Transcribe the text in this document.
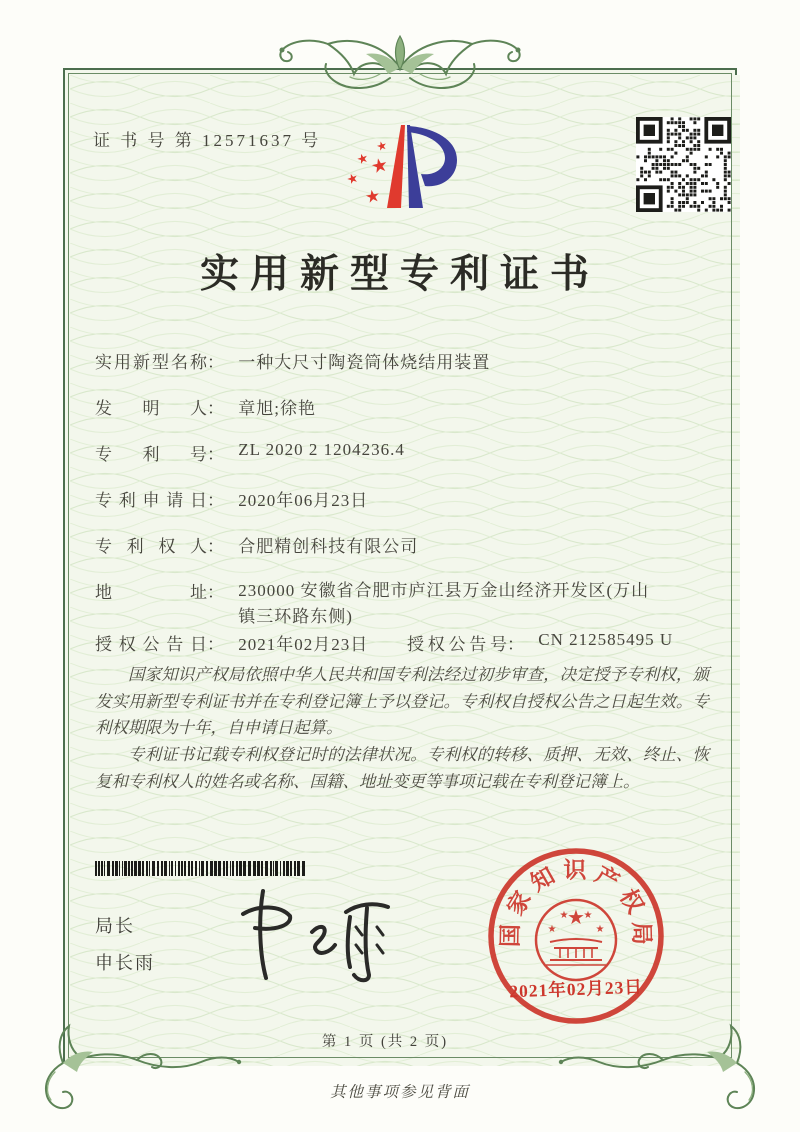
证 书 号 第 12571637 号	★
★
★
★
★
实用新型专利证书
实用新型名称： 一种大尺寸陶瓷筒体烧结用装置
发明人： 章旭;徐艳
专利号： ZL 2020 2 1204236.4
专利申请日： 2020年06月23日
专利权人： 合肥精创科技有限公司
地址： 230000 安徽省合肥市庐江县万金山经济开发区(万山镇三环路东侧)
授权公告日： 2021年02月23日 授权公告号： CN 212585495 U

国家知识产权局依照中华人民共和国专利法经过初步审查，决定授予专利权，颁发实用新型专利证书并在专利登记簿上予以登记。专利权自授权公告之日起生效。专利权期限为十年，自申请日起算。

专利证书记载专利权登记时的法律状况。专利权的转移、质押、无效、终止、恢复和专利权人的姓名或名称、国籍、地址变更等事项记载在专利登记簿上。

局长
申长雨
国家知识产权局
★
★
★ ★
★
2021年02月23日
第 1 页 (共 2 页)
其他事项参见背面
